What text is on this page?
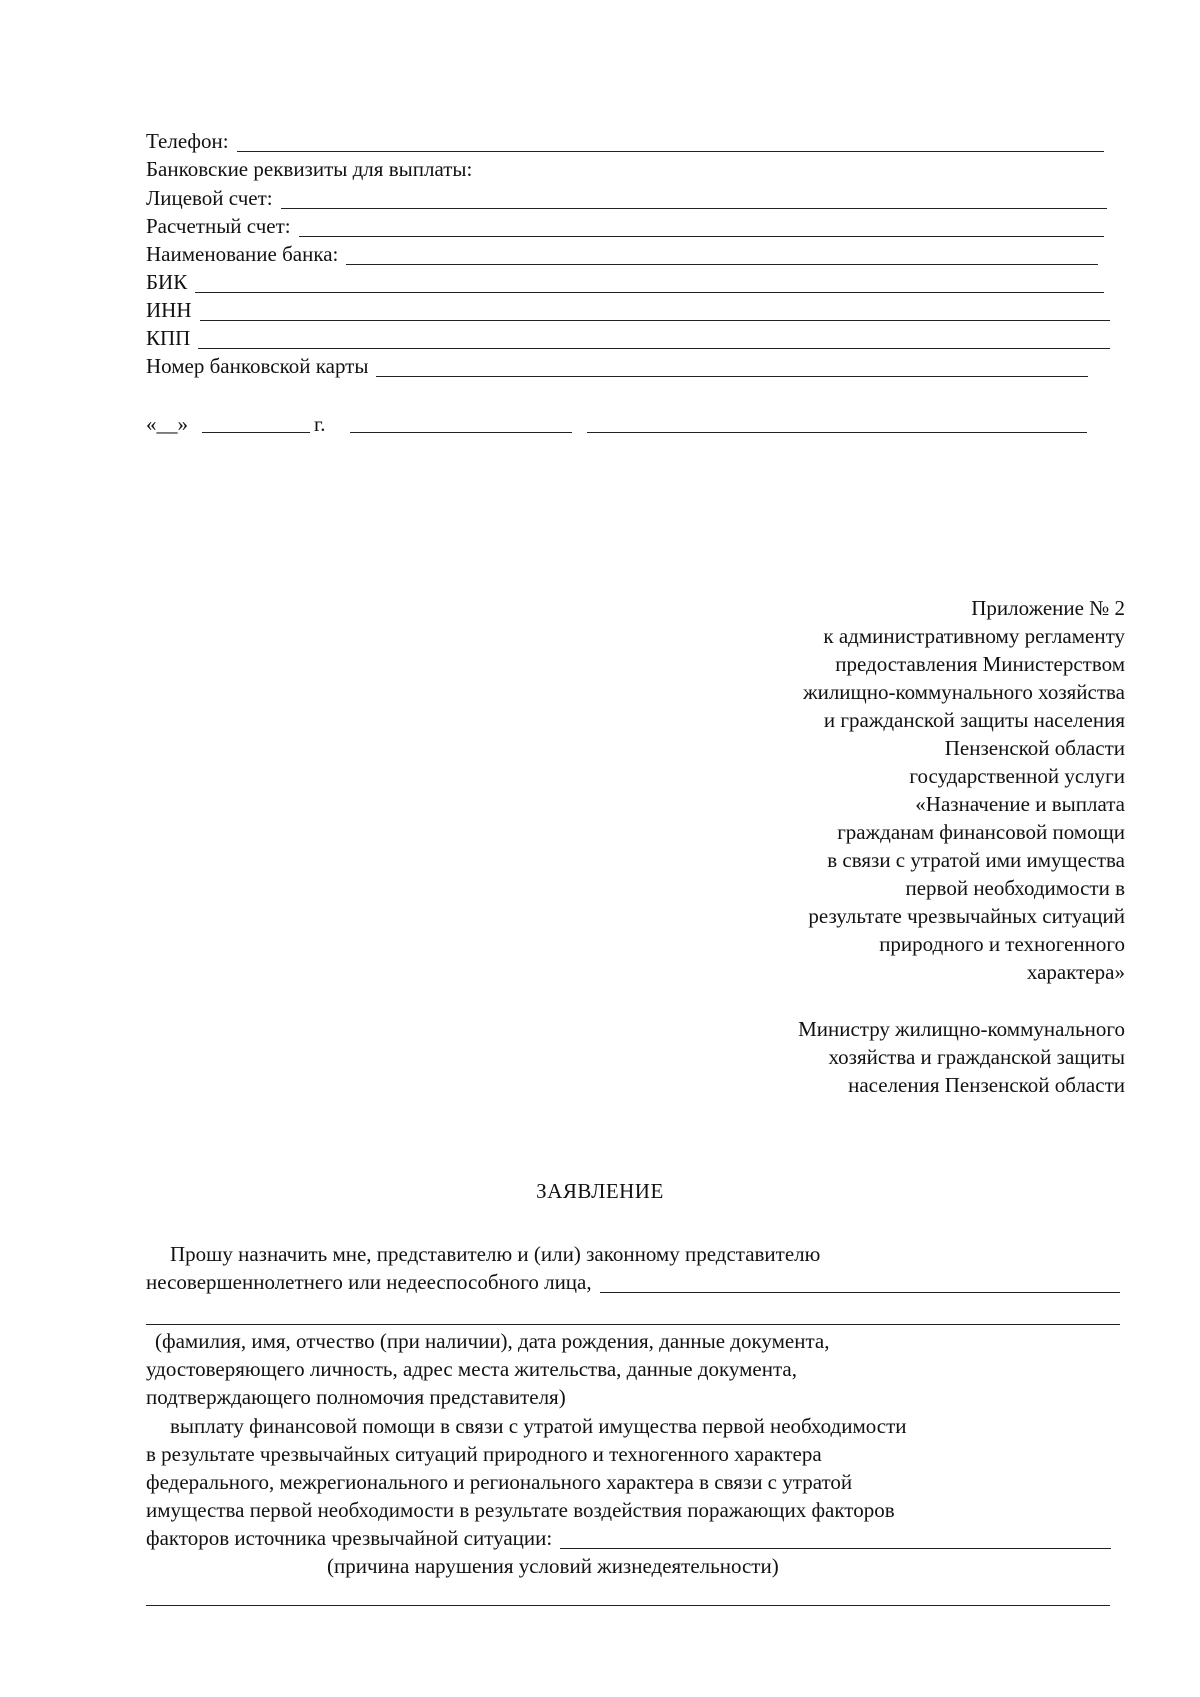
Телефон:
Банковские реквизиты для выплаты:
Лицевой счет:
Расчетный счет:
Наименование банка:
БИК
ИНН
КПП
Номер банковской карты
«__»	г.
Приложение № 2
к административному регламенту
предоставления Министерством
жилищно-коммунального хозяйства
и гражданской защиты населения
Пензенской области
государственной услуги
«Назначение и выплата
гражданам финансовой помощи
в связи с утратой ими имущества
первой необходимости в
результате чрезвычайных ситуаций
природного и техногенного
характера»
Министру жилищно-коммунального
хозяйства и гражданской защиты
населения Пензенской области
ЗАЯВЛЕНИЕ
Прошу назначить мне, представителю и (или) законному представителю
несовершеннолетнего или недееспособного лица,
(фамилия, имя, отчество (при наличии), дата рождения, данные документа,
удостоверяющего личность, адрес места жительства, данные документа,
подтверждающего полномочия представителя)
выплату финансовой помощи в связи с утратой имущества первой необходимости
в результате чрезвычайных ситуаций природного и техногенного характера
федерального, межрегионального и регионального характера в связи с утратой
имущества первой необходимости в результате воздействия поражающих факторов
факторов источника чрезвычайной ситуации:
(причина нарушения условий жизнедеятельности)
